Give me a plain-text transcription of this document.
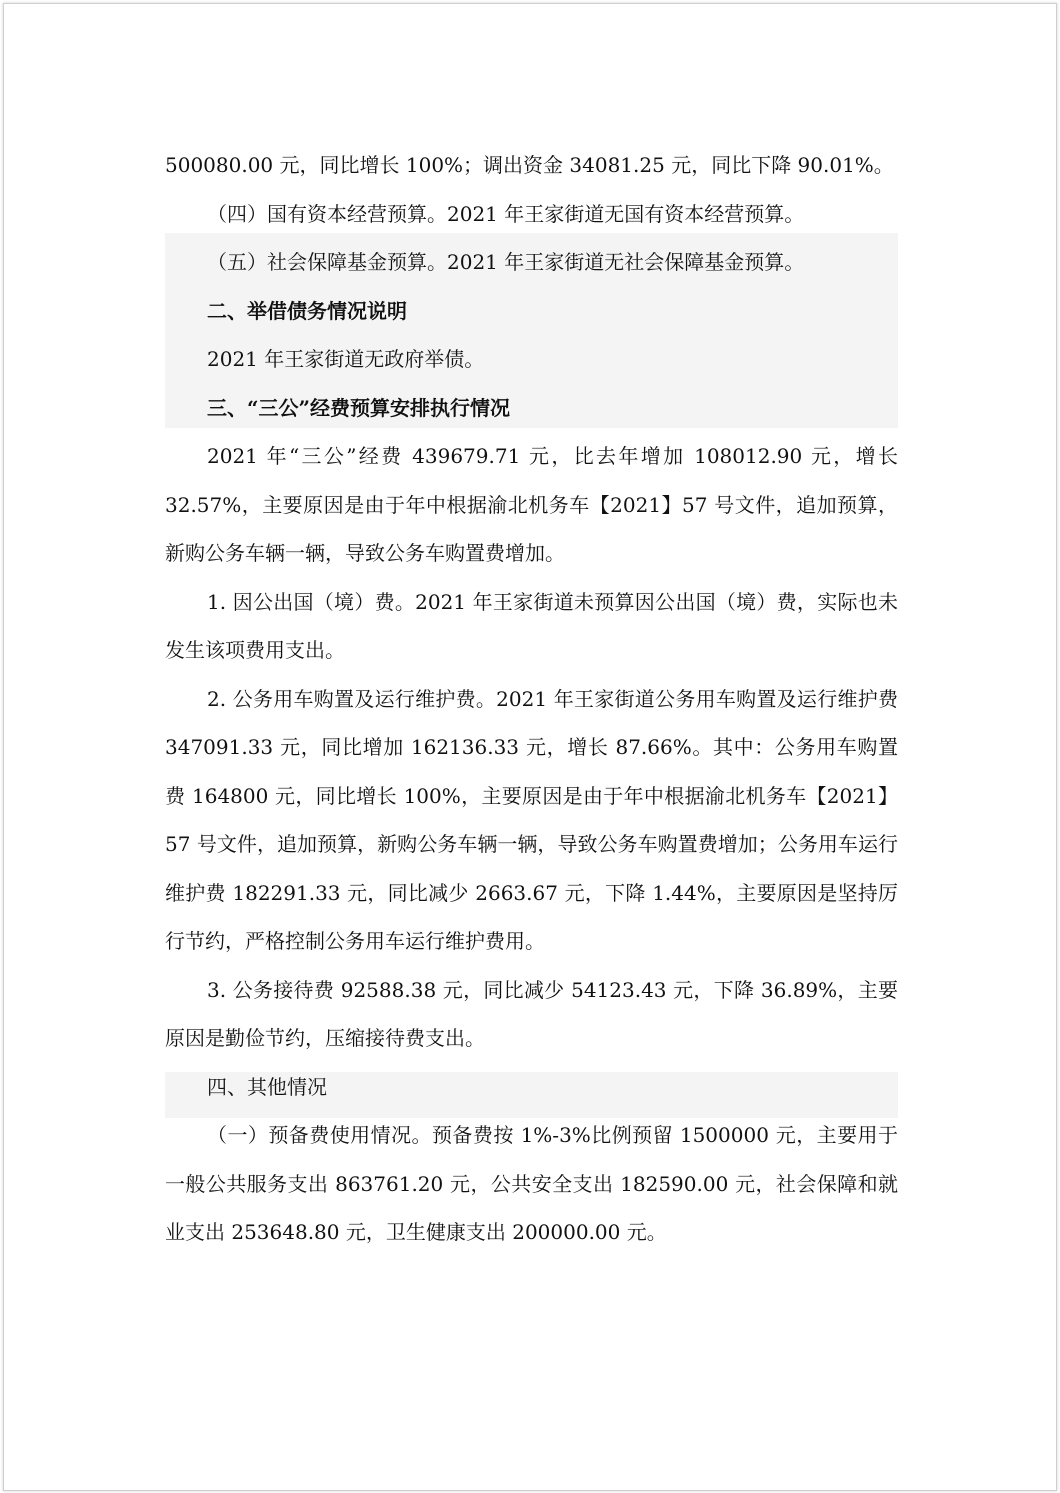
500080.00 元，同比增长 100%；调出资金 34081.25 元，同比下降 90.01%。

（四）国有资本经营预算。2021 年王家街道无国有资本经营预算。

（五）社会保障基金预算。2021 年王家街道无社会保障基金预算。

二、举借债务情况说明

2021 年王家街道无政府举债。

三、“三公”经费预算安排执行情况

2021 年“三公”经费 439679.71 元，比去年增加 108012.90 元，增长 32.57%，主要原因是由于年中根据渝北机务车【2021】57 号文件，追加预算，新购公务车辆一辆，导致公务车购置费增加。

1. 因公出国（境）费。2021 年王家街道未预算因公出国（境）费，实际也未发生该项费用支出。

2. 公务用车购置及运行维护费。2021 年王家街道公务用车购置及运行维护费 347091.33 元，同比增加 162136.33 元，增长 87.66%。其中：公务用车购置费 164800 元，同比增长 100%，主要原因是由于年中根据渝北机务车【2021】57 号文件，追加预算，新购公务车辆一辆，导致公务车购置费增加；公务用车运行维护费 182291.33 元，同比减少 2663.67 元，下降 1.44%，主要原因是坚持厉行节约，严格控制公务用车运行维护费用。

3. 公务接待费 92588.38 元，同比减少 54123.43 元，下降 36.89%，主要原因是勤俭节约，压缩接待费支出。

四、其他情况

（一）预备费使用情况。预备费按 1%-3%比例预留 1500000 元，主要用于一般公共服务支出 863761.20 元，公共安全支出 182590.00 元，社会保障和就业支出 253648.80 元，卫生健康支出 200000.00 元。
